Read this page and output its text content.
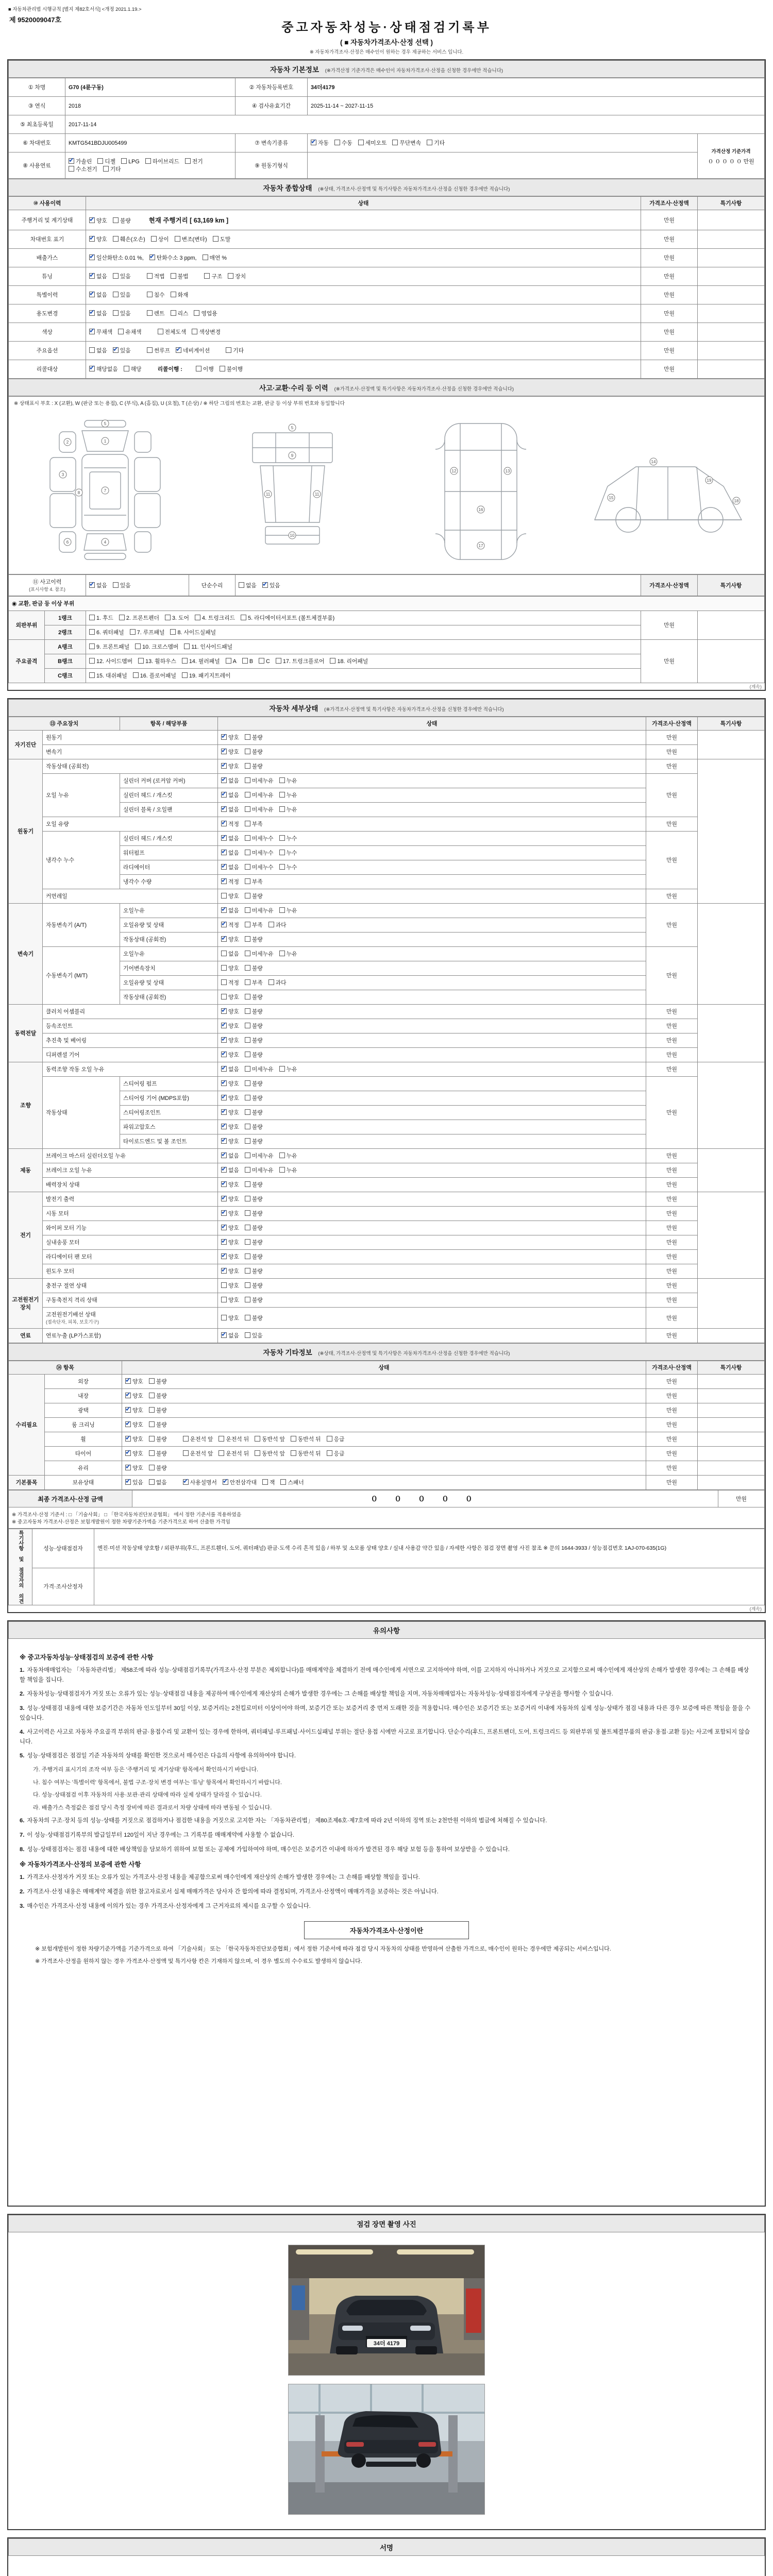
■ 자동차관리법 시행규칙 [별지 제82호서식] <개정 2021.1.19.>
제 9520009047호
중고자동차성능·상태점검기록부
( ■ 자동차가격조사·산정 선택 )
※ 자동차가격조사·산정은 매수인이 원하는 경우 제공하는 서비스 입니다.
자동차 기본정보 (※가격산정 기준가격은 매수인이 자동차가격조사·산정을 신청한 경우에만 적습니다)
① 차명	G70 (4륜구동)	② 자동차등록번호	34더4179	
③ 연식	2018	④ 검사유효기간	2025-11-14 ~ 2027-11-15	
⑤ 최초등록일	2017-11-14			
⑥ 차대번호	KMTG541BDJU005499	⑦ 변속기종류	✔자동 수동 세미오토 무단변속 기타	가격산정 기준가격
０ ０ ０ ０ ０ 만원

⑧ 사용연료	✔가솔린 디젤 LPG 하이브리드 전기수소전기 기타	⑨ 원동기형식		
자동차 종합상태 (※상태, 가격조사·산정액 및 특기사항은 자동차가격조사·산정을 신청한 경우에만 적습니다)
⑩ 사용이력	상태	가격조사·산정액	특기사항
주행거리 및 계기상태	✔양호 불량 현재 주행거리 [ 63,169 km ]	만원	
차대번호 표기	✔양호 훼손(오손) 상이 변조(변타) 도말	만원	
배출가스	✔일산화탄소 0.01 %, ✔ 탄화수소 3 ppm, 매연 %	만원	
튜닝	✔없음 있음 적법 불법 구조 장치	만원	
특별이력	✔없음 있음 침수 화재	만원	
용도변경	✔없음 있음 렌트 리스 영업용	만원	
색상	✔무채색 유채색 전체도색 색상변경	만원	
주요옵션	없음 ✔ 있음 썬루프 ✔ 네비게이션 기타	만원	
리콜대상	✔해당없음 해당 리콜이행 : 이행 불이행	만원	
사고·교환·수리 등 이력 (※가격조사·산정액 및 특기사항은 자동차가격조사·산정을 신청한 경우에만 적습니다)
※ 상태표시 부호 : X (교환), W (판금 또는 용접), C (부식), A (흠집), U (요철), T (손상) / ※ 하단 그림의 번호는 교환, 판금 등 이상 부위 번호와 동일합니다
1
2
3
4
5
6
7
8
5
9
10
11	11
12	13
16
17
14
15
18
19
⑪ 사고이력
(표시사항 4. 참조)	✔없음 있음	단순수리	없음 ✔ 있음	가격조사·산정액	특기사항
◉ 교환, 판금 등 이상 부위				
외판부위	1랭크	1. 후드 2. 프론트펜더 3. 도어 4. 트렁크리드 5. 라디에이터서포트 (볼트체결부품)	만원	
	2랭크	6. 쿼터패널 7. 루프패널 8. 사이드실패널		
주요골격	A랭크	9. 프론트패널 10. 크로스멤버 11. 인사이드패널	만원	
	B랭크	12. 사이드멤버 13. 휠하우스 14. 필러패널 A B C 17. 트렁크플로어 18. 리어패널		
	C랭크	15. 대쉬패널 16. 플로어패널 19. 패키지트레이		
(계속)
자동차 세부상태 (※가격조사·산정액 및 특기사항은 자동차가격조사·산정을 신청한 경우에만 적습니다)
⑬ 주요장치		항목 / 해당부품	상태	가격조사·산정액	특기사항
자기진단	원동기	✔양호 불량	만원	
	변속기	✔양호 불량	만원	
원동기	작동상태 (공회전)	✔양호 불량	만원	
	오일 누유	실린더 커버 (로커암 커버)	✔없음 미세누유 누유	만원	
		실린더 헤드 / 개스킷	✔없음 미세누유 누유
		실린더 블록 / 오일팬	✔없음 미세누유 누유
	오일 유량	✔적정 부족	만원	
	냉각수 누수	실린더 헤드 / 개스킷	✔없음 미세누수 누수	만원	
		워터펌프	✔없음 미세누수 누수
		라디에이터	✔없음 미세누수 누수
		냉각수 수량	✔적정 부족
	커먼레일		양호 불량	만원	
변속기	자동변속기 (A/T)	오일누유	✔없음 미세누유 누유	만원	
		오일유량 및 상태	✔적정 부족 과다
		작동상태 (공회전)	✔양호 불량
	수동변속기 (M/T)	오일누유	없음 미세누유 누유	만원	
		기어변속장치	양호 불량		
		오일유량 및 상태	적정 부족 과다		
		작동상태 (공회전)	양호 불량		
동력전달	클러치 어셈블리	✔양호 불량	만원	
	등속조인트	✔양호 불량	만원	
	추진축 및 베어링	✔양호 불량	만원	
	디퍼렌셜 기어	✔양호 불량	만원	
조향	동력조향 작동 오일 누유	✔없음 미세누유 누유	만원	
	작동상태	스티어링 펌프	✔양호 불량	만원	
		스티어링 기어 (MDPS포함)	✔양호 불량
		스티어링조인트	✔양호 불량
		파워고압호스	✔양호 불량
		타이로드엔드 및 볼 조인트	✔양호 불량
제동	브레이크 마스터 실린더오일 누유	✔없음 미세누유 누유	만원	
	브레이크 오일 누유	✔없음 미세누유 누유	만원	
	배력장치 상태	✔양호 불량	만원	
전기	발전기 출력	✔양호 불량	만원	
	시동 모터	✔양호 불량	만원	
	와이퍼 모터 기능	✔양호 불량	만원	
	실내송풍 모터	✔양호 불량	만원	
	라디에이터 팬 모터	✔양호 불량	만원	
	윈도우 모터	✔양호 불량	만원	
고전원전기장치	충전구 절연 상태		양호 불량	만원	
	구동축전지 격리 상태		양호 불량	만원	
	고전원전기배선 상태
(접속단자, 피복, 보호기구)		양호 불량	만원	
연료	연료누출 (LP가스포함)	✔없음 있음	만원	
자동차 기타정보 (※상태, 가격조사·산정액 및 특기사항은 자동차가격조사·산정을 신청한 경우에만 적습니다)
⑭ 항목		상태	가격조사·산정액	특기사항
수리필요	외장	✔양호 불량	만원	
	내장	✔양호 불량	만원	
	광택	✔양호 불량	만원	
	룸 크리닝	✔양호 불량	만원	
	휠	✔양호 불량 운전석 앞 운전석 뒤 동반석 앞 동반석 뒤 응급	만원	
	타이어	✔양호 불량 운전석 앞 운전석 뒤 동반석 앞 동반석 뒤 응급	만원	
	유리	✔양호 불량	만원	
기본품목	보유상태	✔있음 없음 ✔ 사용설명서 ✔ 안전삼각대 잭 스패너	만원	
최종 가격조사·산정 금액	０ ０ ０ ０ ０	만원

※ 가격조사·산정 기준서 : □ 「기술사회」 □ 「한국자동차진단보증협회」 에서 정한 기준서를 적용하였음
※ 중고자동차 가격조사·산정은 보험개발원이 정한 차량기준가액을 기준가격으로 하여 산출한 가격임
특기사항 및 점검자의 의견	성능·상태점검자	엔진·미션 작동상태 양호함 / 외판부위(후드, 프론트휀더, 도어, 쿼터패널) 판금·도색 수리 흔적 있음 / 하부 및 소모품 상태 양호 / 실내 사용감 약간 있음 / 자세한 사항은 점검 장면 촬영 사진 참조 ※ 문의 1644-3933 / 성능점검번호 1AJ-070-635(1G)
	가격·조사산정자	
(계속)
유의사항
※ 중고자동차성능·상태점검의 보증에 관한 사항
1. 자동차매매업자는 「자동차관리법」 제58조에 따라 성능·상태점검기록부(가격조사·산정 부분은 제외합니다)를 매매계약을 체결하기 전에 매수인에게 서면으로 고지하여야 하며, 이를 고지하지 아니하거나 거짓으로 고지함으로써 매수인에게 재산상의 손해가 발생한 경우에는 그 손해를 배상할 책임을 집니다.
2. 자동차성능·상태점검자가 거짓 또는 오류가 있는 성능·상태점검 내용을 제공하여 매수인에게 재산상의 손해가 발생한 경우에는 그 손해를 배상할 책임을 지며, 자동차매매업자는 자동차성능·상태점검자에게 구상권을 행사할 수 있습니다.
3. 성능·상태점검 내용에 대한 보증기간은 자동차 인도일부터 30일 이상, 보증거리는 2천킬로미터 이상이어야 하며, 보증기간 또는 보증거리 중 먼저 도래한 것을 적용합니다. 매수인은 보증기간 또는 보증거리 이내에 자동차의 실제 성능·상태가 점검 내용과 다른 경우 보증에 따른 책임을 물을 수 있습니다.
4. 사고이력은 사고로 자동차 주요골격 부위의 판금·용접수리 및 교환이 있는 경우에 한하며, 쿼터패널·루프패널·사이드실패널 부위는 절단·용접 시에만 사고로 표기합니다. 단순수리(후드, 프론트펜더, 도어, 트렁크리드 등 외판부위 및 볼트체결부품의 판금·용접·교환 등)는 사고에 포함되지 않습니다.
5. 성능·상태점검은 점검일 기준 자동차의 상태를 확인한 것으로서 매수인은 다음의 사항에 유의하여야 합니다.
가. 주행거리 표시기의 조작 여부 등은 '주행거리 및 계기상태' 항목에서 확인하시기 바랍니다.
나. 침수 여부는 '특별이력' 항목에서, 불법 구조·장치 변경 여부는 '튜닝' 항목에서 확인하시기 바랍니다.
다. 성능·상태점검 이후 자동차의 사용·보관·관리 상태에 따라 실제 상태가 달라질 수 있습니다.
라. 배출가스 측정값은 점검 당시 측정 장비에 따른 결과로서 차량 상태에 따라 변동될 수 있습니다.
6. 자동차의 구조·장치 등의 성능·상태를 거짓으로 점검하거나 점검한 내용을 거짓으로 고지한 자는 「자동차관리법」 제80조제6호·제7호에 따라 2년 이하의 징역 또는 2천만원 이하의 벌금에 처해질 수 있습니다.
7. 이 성능·상태점검기록부의 발급일부터 120일이 지난 경우에는 그 기록부를 매매계약에 사용할 수 없습니다.
8. 성능·상태점검자는 점검 내용에 대한 배상책임을 담보하기 위하여 보험 또는 공제에 가입하여야 하며, 매수인은 보증기간 이내에 하자가 발견된 경우 해당 보험 등을 통하여 보상받을 수 있습니다.
※ 자동차가격조사·산정의 보증에 관한 사항
1. 가격조사·산정자가 거짓 또는 오류가 있는 가격조사·산정 내용을 제공함으로써 매수인에게 재산상의 손해가 발생한 경우에는 그 손해를 배상할 책임을 집니다.
2. 가격조사·산정 내용은 매매계약 체결을 위한 참고자료로서 실제 매매가격은 당사자 간 합의에 따라 결정되며, 가격조사·산정액이 매매가격을 보증하는 것은 아닙니다.
3. 매수인은 가격조사·산정 내용에 이의가 있는 경우 가격조사·산정자에게 그 근거자료의 제시를 요구할 수 있습니다.
자동차가격조사·산정이란
※ 보험개발원이 정한 차량기준가액을 기준가격으로 하여 「기술사회」 또는 「한국자동차진단보증협회」에서 정한 기준서에 따라 점검 당시 자동차의 상태를 반영하여 산출한 가격으로, 매수인이 원하는 경우에만 제공되는 서비스입니다.
※ 가격조사·산정을 원하지 않는 경우 가격조사·산정액 및 특기사항 칸은 기재하지 않으며, 이 경우 별도의 수수료도 발생하지 않습니다.
점검 장면 촬영 사진
34더 4179

서명
